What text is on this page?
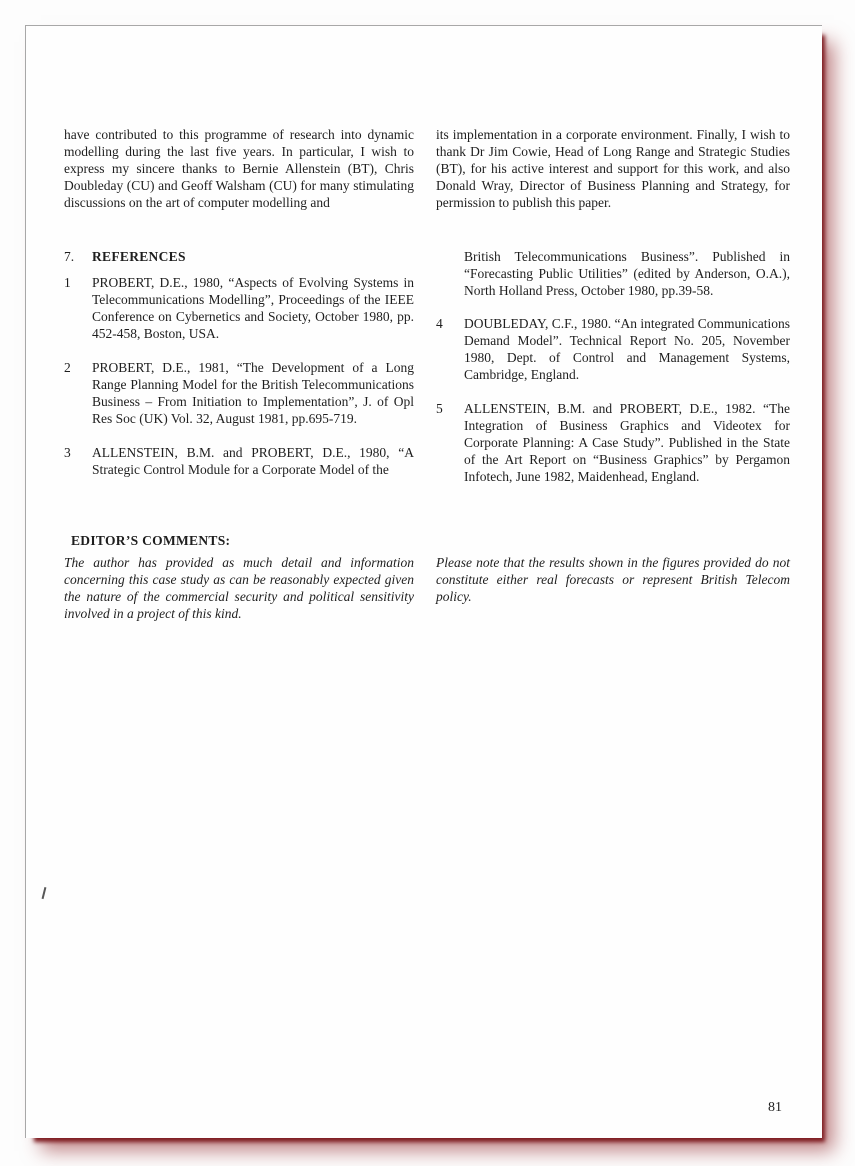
have contributed to this programme of research into dynamic modelling during the last five years. In particular, I wish to express my sincere thanks to Bernie Allenstein (BT), Chris Doubleday (CU) and Geoff Walsham (CU) for many stimulating discussions on the art of computer modelling and

its implementation in a corporate environment. Finally, I wish to thank Dr Jim Cowie, Head of Long Range and Strategic Studies (BT), for his active interest and support for this work, and also Donald Wray, Director of Business Planning and Strategy, for permission to publish this paper.

7.	REFERENCES
1	PROBERT, D.E., 1980, “Aspects of Evolving Systems in Telecommunications Modelling”, Proceedings of the IEEE Conference on Cybernetics and Society, October 1980, pp. 452-458, Boston, USA.

2	PROBERT, D.E., 1981, “The Development of a Long Range Planning Model for the British Telecommunications Business – From Initiation to Implementation”, J. of Opl Res Soc (UK) Vol. 32, August 1981, pp.695-719.

3	ALLENSTEIN, B.M. and PROBERT, D.E., 1980, “A Strategic Control Module for a Corporate Model of the

British Telecommunications Business”. Published in “Forecasting Public Utilities” (edited by Anderson, O.A.), North Holland Press, October 1980, pp.39-58.

4	DOUBLEDAY, C.F., 1980. “An integrated Communications Demand Model”. Technical Report No. 205, November 1980, Dept. of Control and Management Systems, Cambridge, England.

5	ALLENSTEIN, B.M. and PROBERT, D.E., 1982. “The Integration of Business Graphics and Videotex for Corporate Planning: A Case Study”. Published in the State of the Art Report on “Business Graphics” by Pergamon Infotech, June 1982, Maidenhead, England.

EDITOR’S COMMENTS:

The author has provided as much detail and information concerning this case study as can be reasonably expected given the nature of the commercial security and political sensitivity involved in a project of this kind.

Please note that the results shown in the figures provided do not constitute either real forecasts or represent British Telecom policy.

81
